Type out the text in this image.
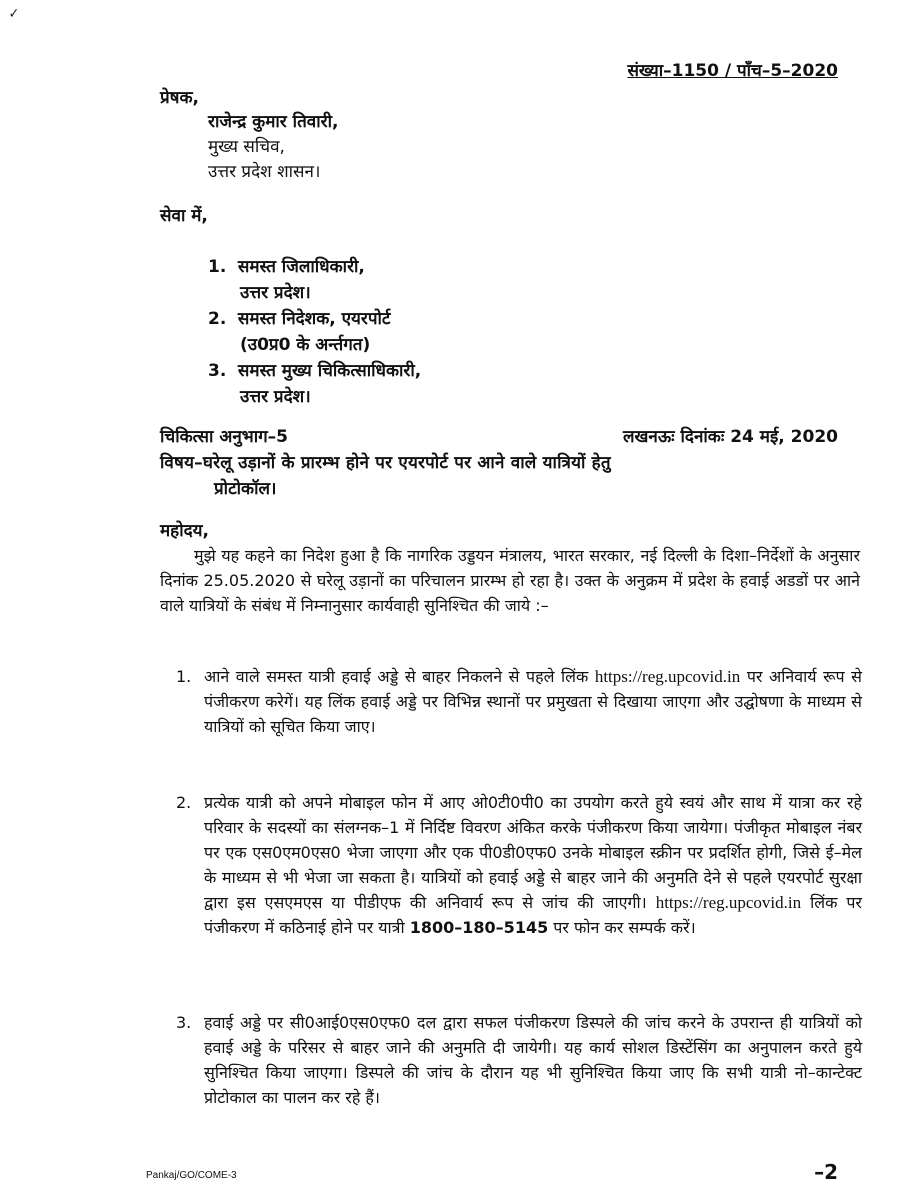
✓
संख्या–1150 / पाँच–5–2020
प्रेषक,
राजेन्द्र कुमार तिवारी,
मुख्य सचिव,
उत्तर प्रदेश शासन।
सेवा में,
1. समस्त जिलाधिकारी,
उत्तर प्रदेश।
2. समस्त निदेशक, एयरपोर्ट
(उ0प्र0 के अर्न्तगत)
3. समस्त मुख्य चिकित्साधिकारी,
उत्तर प्रदेश।
चिकित्सा अनुभाग–5	लखनऊः दिनांकः 24 मई, 2020
विषय–घरेलू उड़ानों के प्रारम्भ होने पर एयरपोर्ट पर आने वाले यात्रियों हेतु
प्रोटोकॉल।
महोदय,
मुझे यह कहने का निदेश हुआ है कि नागरिक उड्डयन मंत्रालय, भारत सरकार, नई दिल्ली के दिशा–निर्देशों के अनुसार दिनांक 25.05.2020 से घरेलू उड़ानों का परिचालन प्रारम्भ हो रहा है। उक्त के अनुक्रम में प्रदेश के हवाई अडडों पर आने वाले यात्रियों के संबंध में निम्नानुसार कार्यवाही सुनिश्चित की जाये :–
1. आने वाले समस्त यात्री हवाई अड्डे से बाहर निकलने से पहले लिंक https://reg.upcovid.in पर अनिवार्य रूप से पंजीकरण करेगें। यह लिंक हवाई अड्डे पर विभिन्न स्थानों पर प्रमुखता से दिखाया जाएगा और उद्घोषणा के माध्यम से यात्रियों को सूचित किया जाए।
2. प्रत्येक यात्री को अपने मोबाइल फोन में आए ओ0टी0पी0 का उपयोग करते हुये स्वयं और साथ में यात्रा कर रहे परिवार के सदस्यों का संलग्नक–1 में निर्दिष्ट विवरण अंकित करके पंजीकरण किया जायेगा। पंजीकृत मोबाइल नंबर पर एक एस0एम0एस0 भेजा जाएगा और एक पी0डी0एफ0 उनके मोबाइल स्क्रीन पर प्रदर्शित होगी, जिसे ई–मेल के माध्यम से भी भेजा जा सकता है। यात्रियों को हवाई अड्डे से बाहर जाने की अनुमति देने से पहले एयरपोर्ट सुरक्षा द्वारा इस एसएमएस या पीडीएफ की अनिवार्य रूप से जांच की जाएगी। https://reg.upcovid.in लिंक पर पंजीकरण में कठिनाई होने पर यात्री 1800–180–5145 पर फोन कर सम्पर्क करें।
3. हवाई अड्डे पर सी0आई0एस0एफ0 दल द्वारा सफल पंजीकरण डिस्पले की जांच करने के उपरान्त ही यात्रियों को हवाई अड्डे के परिसर से बाहर जाने की अनुमति दी जायेगी। यह कार्य सोशल डिस्टेंसिंग का अनुपालन करते हुये सुनिश्चित किया जाएगा। डिस्पले की जांच के दौरान यह भी सुनिश्चित किया जाए कि सभी यात्री नो–कान्टेक्ट प्रोटोकाल का पालन कर रहे हैं।
Pankaj/GO/COME-3	–2
